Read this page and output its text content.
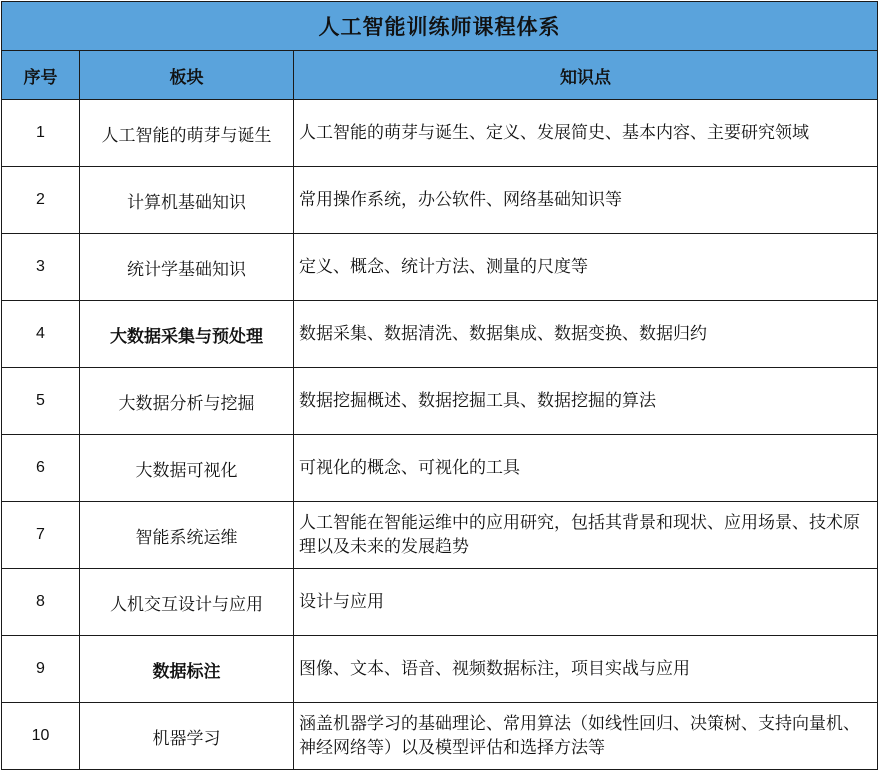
人工智能训练师课程体系		
序号	板块	知识点
1	人工智能的萌芽与诞生	人工智能的萌芽与诞生、定义、发展简史、基本内容、主要研究领域
2	计算机基础知识	常用操作系统，办公软件、网络基础知识等
3	统计学基础知识	定义、概念、统计方法、测量的尺度等
4	大数据采集与预处理	数据采集、数据清洗、数据集成、数据变换、数据归约
5	大数据分析与挖掘	数据挖掘概述、数据挖掘工具、数据挖掘的算法
6	大数据可视化	可视化的概念、可视化的工具
7	智能系统运维	人工智能在智能运维中的应用研究，包括其背景和现状、应用场景、技术原理以及未来的发展趋势
8	人机交互设计与应用	设计与应用
9	数据标注	图像、文本、语音、视频数据标注，项目实战与应用
10	机器学习	涵盖机器学习的基础理论、常用算法（如线性回归、决策树、支持向量机、神经网络等）以及模型评估和选择方法等
